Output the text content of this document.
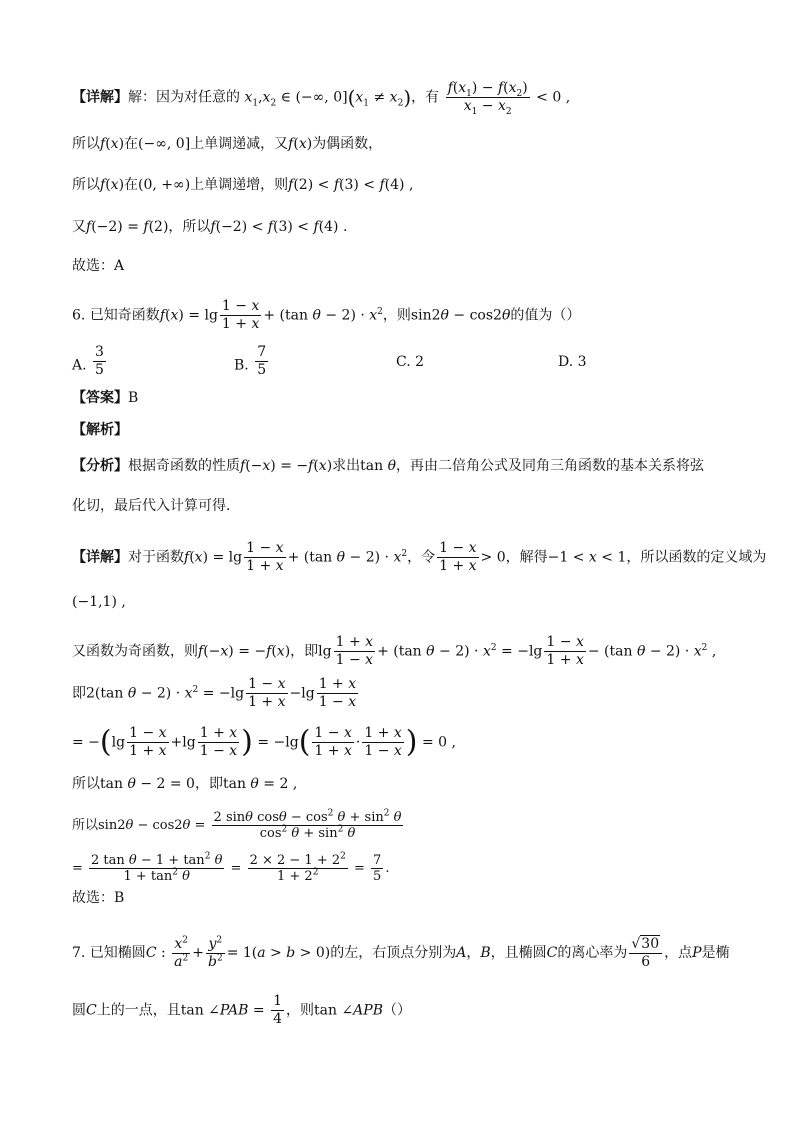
【详解】解：因为对任意的 $x_1,x_2$ ∈ (−∞, $0](x_1 \ne x_2)$，有 $\frac{f(x_1) - f(x_2)}{x_1 - x_2} < 0$ ,
所以f(x)在(−∞, 0]上单调递减，又f(x)为偶函数，
所以f(x)在(0, +∞)上单调递增，则f(2) < f(3) < f(4) ,
又f(−2) = f(2)，所以f(−2) < f(3) < f(4) .
故选：A
6. 已知奇函数$f(x) = \lg \frac{1 - x}{1 + x} + (\tan$ $\theta - 2) \cdot x^2$，则sin2θ − cos2θ的值为（）
A. $\frac{3}{5}$	B. $\frac{7}{5}$	C. 2	D. 3
【答案】B
【解析】
【分析】根据奇函数的性质f(−x) = −f(x)求出tan θ，再由二倍角公式及同角三角函数的基本关系将弦
化切，最后代入计算可得.
【详解】对于函数$f(x) = \lg \frac{1 - x}{1 + x} + (\tan$ $\theta - 2) \cdot x^2$，令 $\frac{1 - x}{1 + x} > 0$，解得−1 < x < 1，所以函数的定义域为
(−1,1) ,
又函数为奇函数，则f(−x) = −f(x)，即$\lg \frac{1 + x}{1 - x} + (\tan$ $\theta - 2) \cdot x^2 = -\lg \frac{1 - x}{1 + x} - (\tan$ $\theta - 2) \cdot x^2$ ,
即2(tan $\theta - 2) \cdot x^2 = -\lg \frac{1 - x}{1 + x} -\lg \frac{1 + x}{1 - x}$
= $-(\lg \frac{1 - x}{1 + x} +\lg \frac{1 + x}{1 - x}$ ) = $-\lg( \frac{1 - x}{1 + x} \cdot \frac{1 + x}{1 - x}$ ) = 0 ,
所以tan θ − 2 = 0，即tan θ = 2 ,
所以$\sin 2\theta - \cos 2\theta = \frac{2 \sin\theta \cos\theta - \cos^2 \theta + \sin^2 \theta}{\cos^2 \theta + \sin^2 \theta}$
= $\frac{2 \tan \theta - 1 + \tan^2 \theta}{1 + \tan^2 \theta} = \frac{2 \times 2 - 1 + 2^2}{1 + 2^2} = \frac{7}{5}$ .
故选：B
7. 已知椭圆C : $\frac{x^2}{a^2} + \frac{y^2}{b^2} = 1(a > b > 0)$的左，右顶点分别为A，B，且椭圆C的离心率为 $\frac{√30}{6}$ ，点P是椭
圆C上的一点，且tan ∠PAB = $\frac{1}{4}$ ，则tan ∠APB（）
